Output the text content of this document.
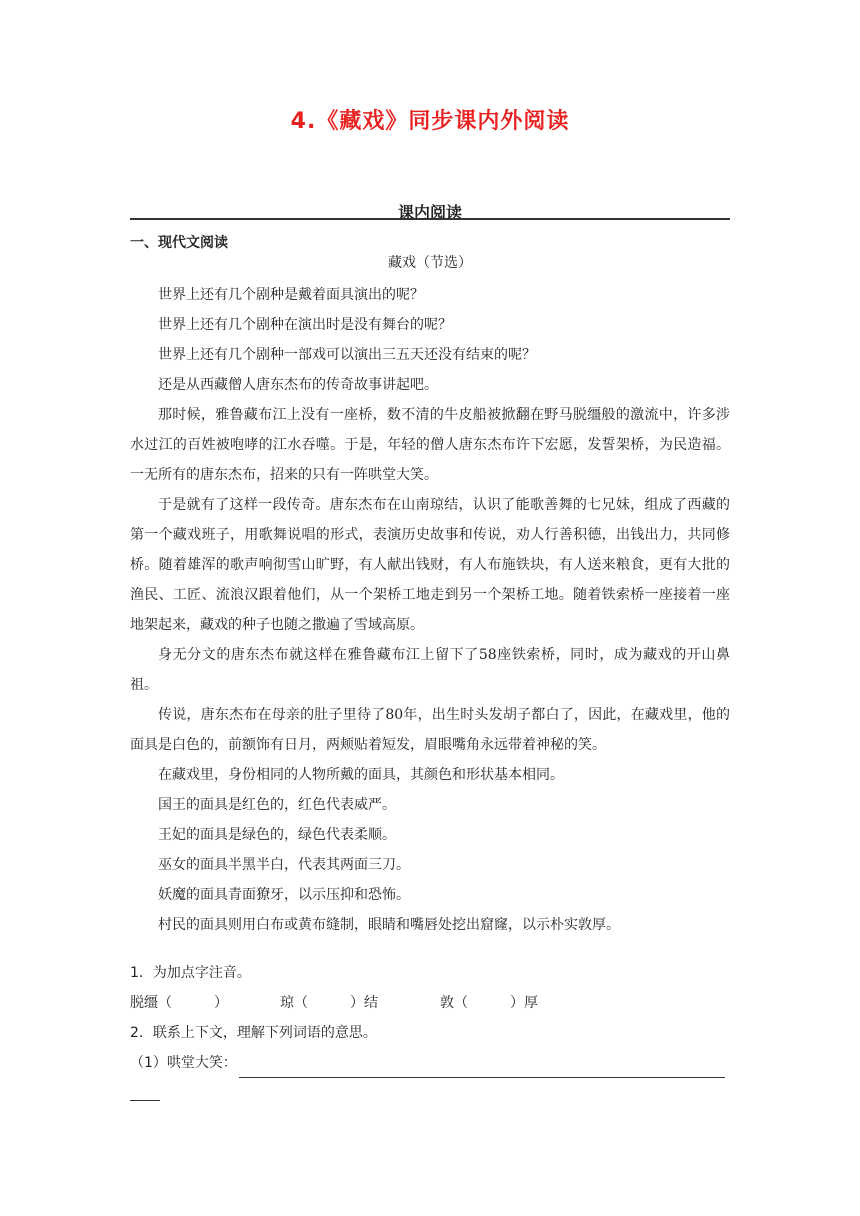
4.《藏戏》同步课内外阅读
课内阅读
一、现代文阅读
藏戏（节选）

世界上还有几个剧种是戴着面具演出的呢？

世界上还有几个剧种在演出时是没有舞台的呢？

世界上还有几个剧种一部戏可以演出三五天还没有结束的呢？

还是从西藏僧人唐东杰布的传奇故事讲起吧。

那时候，雅鲁藏布江上没有一座桥，数不清的牛皮船被掀翻在野马脱缰般的激流中，许多涉水过江的百姓被咆哮的江水吞噬。于是，年轻的僧人唐东杰布许下宏愿，发誓架桥，为民造福。一无所有的唐东杰布，招来的只有一阵哄堂大笑。

于是就有了这样一段传奇。唐东杰布在山南琼结，认识了能歌善舞的七兄妹，组成了西藏的第一个藏戏班子，用歌舞说唱的形式，表演历史故事和传说，劝人行善积德，出钱出力，共同修桥。随着雄浑的歌声响彻雪山旷野，有人献出钱财，有人布施铁块，有人送来粮食，更有大批的渔民、工匠、流浪汉跟着他们，从一个架桥工地走到另一个架桥工地。随着铁索桥一座接着一座地架起来，藏戏的种子也随之撒遍了雪域高原。

身无分文的唐东杰布就这样在雅鲁藏布江上留下了58座铁索桥，同时，成为藏戏的开山鼻祖。

传说，唐东杰布在母亲的肚子里待了80年，出生时头发胡子都白了，因此，在藏戏里，他的面具是白色的，前额饰有日月，两颊贴着短发，眉眼嘴角永远带着神秘的笑。

在藏戏里，身份相同的人物所戴的面具，其颜色和形状基本相同。

国王的面具是红色的，红色代表威严。

王妃的面具是绿色的，绿色代表柔顺。

巫女的面具半黑半白，代表其两面三刀。

妖魔的面具青面獠牙，以示压抑和恐怖。

村民的面具则用白布或黄布缝制，眼睛和嘴唇处挖出窟窿，以示朴实敦厚。

1．为加点字注音。

脱缰（　　　）	琼（　　　）结	敦（　　　）厚

2．联系上下文，理解下列词语的意思。

（1）哄堂大笑：
